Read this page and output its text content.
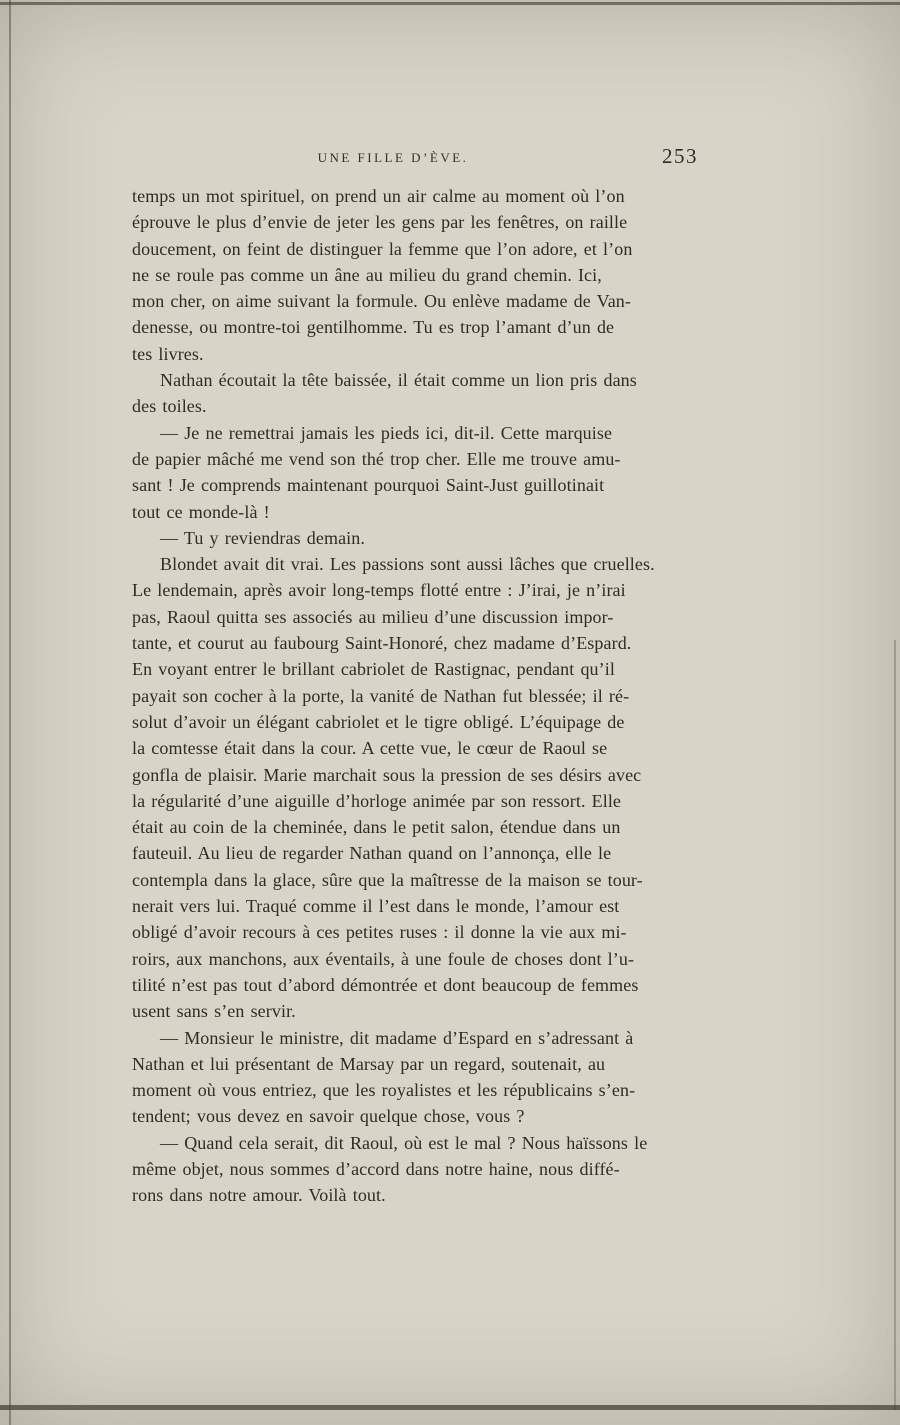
UNE FILLE D’ÈVE.	253
temps un mot spirituel, on prend un air calme au moment où l’on
éprouve le plus d’envie de jeter les gens par les fenêtres, on raille
doucement, on feint de distinguer la femme que l’on adore, et l’on
ne se roule pas comme un âne au milieu du grand chemin. Ici,
mon cher, on aime suivant la formule. Ou enlève madame de Van-
denesse, ou montre-toi gentilhomme. Tu es trop l’amant d’un de
tes livres.
Nathan écoutait la tête baissée, il était comme un lion pris dans
des toiles.
— Je ne remettrai jamais les pieds ici, dit-il. Cette marquise
de papier mâché me vend son thé trop cher. Elle me trouve amu-
sant ! Je comprends maintenant pourquoi Saint-Just guillotinait
tout ce monde-là !
— Tu y reviendras demain.
Blondet avait dit vrai. Les passions sont aussi lâches que cruelles.
Le lendemain, après avoir long-temps flotté entre : J’irai, je n’irai
pas, Raoul quitta ses associés au milieu d’une discussion impor-
tante, et courut au faubourg Saint-Honoré, chez madame d’Espard.
En voyant entrer le brillant cabriolet de Rastignac, pendant qu’il
payait son cocher à la porte, la vanité de Nathan fut blessée; il ré-
solut d’avoir un élégant cabriolet et le tigre obligé. L’équipage de
la comtesse était dans la cour. A cette vue, le cœur de Raoul se
gonfla de plaisir. Marie marchait sous la pression de ses désirs avec
la régularité d’une aiguille d’horloge animée par son ressort. Elle
était au coin de la cheminée, dans le petit salon, étendue dans un
fauteuil. Au lieu de regarder Nathan quand on l’annonça, elle le
contempla dans la glace, sûre que la maîtresse de la maison se tour-
nerait vers lui. Traqué comme il l’est dans le monde, l’amour est
obligé d’avoir recours à ces petites ruses : il donne la vie aux mi-
roirs, aux manchons, aux éventails, à une foule de choses dont l’u-
tilité n’est pas tout d’abord démontrée et dont beaucoup de femmes
usent sans s’en servir.
— Monsieur le ministre, dit madame d’Espard en s’adressant à
Nathan et lui présentant de Marsay par un regard, soutenait, au
moment où vous entriez, que les royalistes et les républicains s’en-
tendent; vous devez en savoir quelque chose, vous ?
— Quand cela serait, dit Raoul, où est le mal ? Nous haïssons le
même objet, nous sommes d’accord dans notre haine, nous diffé-
rons dans notre amour. Voilà tout.
